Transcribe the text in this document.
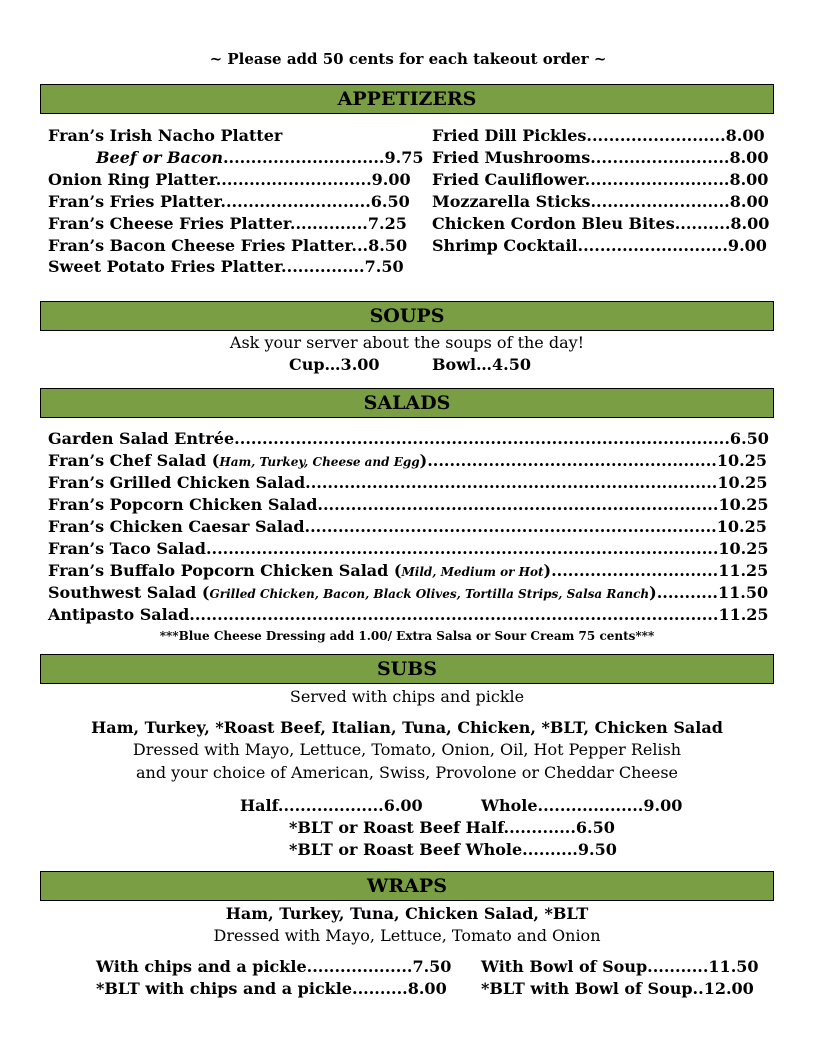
~ Please add 50 cents for each takeout order ~
APPETIZERS
Fran’s Irish Nacho Platter
Beef or Bacon.............................9.75
Onion Ring Platter............................9.00
Fran’s Fries Platter...........................6.50
Fran’s Cheese Fries Platter..............7.25
Fran’s Bacon Cheese Fries Platter...8.50
Sweet Potato Fries Platter...............7.50
Fried Dill Pickles.........................8.00
Fried Mushrooms.........................8.00
Fried Cauliflower..........................8.00
Mozzarella Sticks.........................8.00
Chicken Cordon Bleu Bites..........8.00
Shrimp Cocktail...........................9.00
SOUPS
Ask your server about the soups of the day!
Cup…3.00	Bowl…4.50
SALADS
Garden Salad Entrée.........................................................................................6.50
Fran’s Chef Salad (Ham, Turkey, Cheese and Egg)....................................................10.25
Fran’s Grilled Chicken Salad..........................................................................10.25
Fran’s Popcorn Chicken Salad........................................................................10.25
Fran’s Chicken Caesar Salad..........................................................................10.25
Fran’s Taco Salad............................................................................................10.25
Fran’s Buffalo Popcorn Chicken Salad (Mild, Medium or Hot)..............................11.25
Southwest Salad (Grilled Chicken, Bacon, Black Olives, Tortilla Strips, Salsa Ranch)...........11.50
Antipasto Salad...............................................................................................11.25
***Blue Cheese Dressing add 1.00/ Extra Salsa or Sour Cream 75 cents***
SUBS
Served with chips and pickle
Ham, Turkey, *Roast Beef, Italian, Tuna, Chicken, *BLT, Chicken Salad
Dressed with Mayo, Lettuce, Tomato, Onion, Oil, Hot Pepper Relish
and your choice of American, Swiss, Provolone or Cheddar Cheese
Half...................6.00	Whole...................9.00
*BLT or Roast Beef Half.............6.50
*BLT or Roast Beef Whole..........9.50
WRAPS
Ham, Turkey, Tuna, Chicken Salad, *BLT
Dressed with Mayo, Lettuce, Tomato and Onion
With chips and a pickle...................7.50
*BLT with chips and a pickle..........8.00
With Bowl of Soup...........11.50
*BLT with Bowl of Soup..12.00
